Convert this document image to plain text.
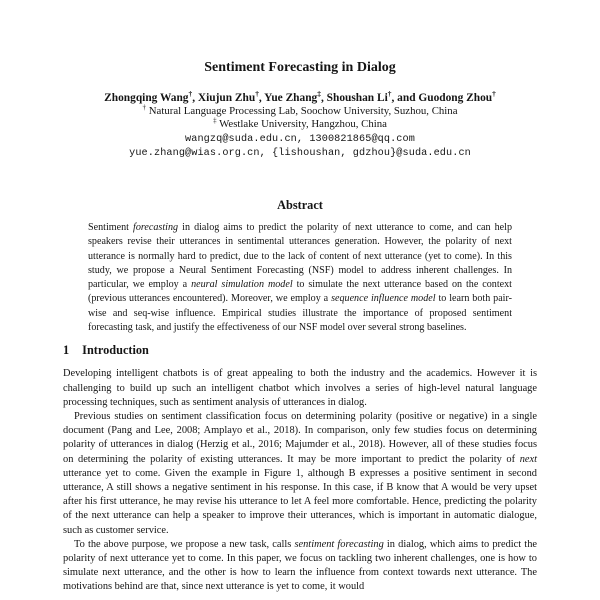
Sentiment Forecasting in Dialog
Zhongqing Wang†, Xiujun Zhu†, Yue Zhang‡, Shoushan Li†, and Guodong Zhou†
† Natural Language Processing Lab, Soochow University, Suzhou, China
‡ Westlake University, Hangzhou, China
wangzq@suda.edu.cn, 1300821865@qq.com
yue.zhang@wias.org.cn, {lishoushan, gdzhou}@suda.edu.cn
Abstract

Sentiment forecasting in dialog aims to predict the polarity of next utterance to come, and can help speakers revise their utterances in sentimental utterances generation. However, the polarity of next utterance is normally hard to predict, due to the lack of content of next utterance (yet to come). In this study, we propose a Neural Sentiment Forecasting (NSF) model to address inherent challenges. In particular, we employ a neural simulation model to simulate the next utterance based on the context (previous utterances encountered). Moreover, we employ a sequence influence model to learn both pair-wise and seq-wise influence. Empirical studies illustrate the importance of proposed sentiment forecasting task, and justify the effectiveness of our NSF model over several strong baselines.

1 Introduction

Developing intelligent chatbots is of great appealing to both the industry and the academics. However it is challenging to build up such an intelligent chatbot which involves a series of high-level natural language processing techniques, such as sentiment analysis of utterances in dialog.

Previous studies on sentiment classification focus on determining polarity (positive or negative) in a single document (Pang and Lee, 2008; Amplayo et al., 2018). In comparison, only few studies focus on determining polarity of utterances in dialog (Herzig et al., 2016; Majumder et al., 2018). However, all of these studies focus on determining the polarity of existing utterances. It may be more important to predict the polarity of next utterance yet to come. Given the example in Figure 1, although B expresses a positive sentiment in second utterance, A still shows a negative sentiment in his response. In this case, if B know that A would be very upset after his first utterance, he may revise his utterance to let A feel more comfortable. Hence, predicting the polarity of the next utterance can help a speaker to improve their utterances, which is important in automatic dialogue, such as customer service.

To the above purpose, we propose a new task, calls sentiment forecasting in dialog, which aims to predict the polarity of next utterance yet to come. In this paper, we focus on tackling two inherent challenges, one is how to simulate next utterance, and the other is how to learn the influence from context towards next utterance. The motivations behind are that, since next utterance is yet to come, it would
